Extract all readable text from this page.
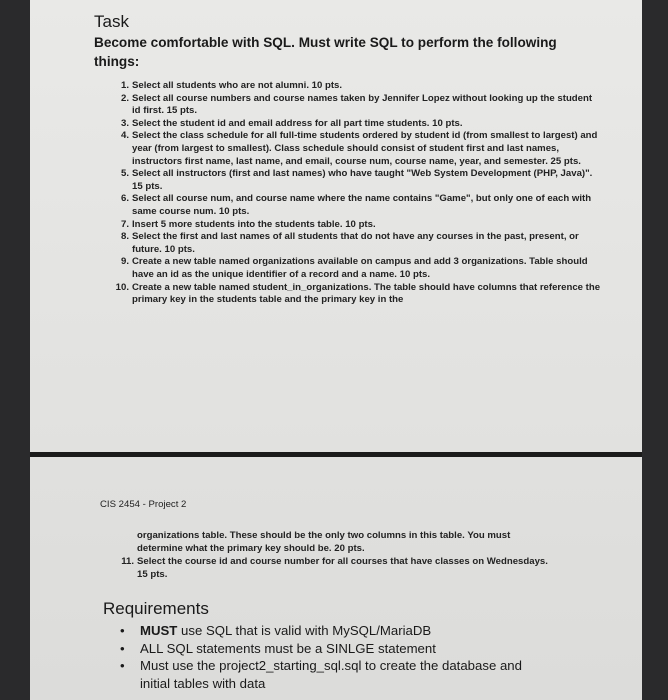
Task
Become comfortable with SQL. Must write SQL to perform the following things:
1. Select all students who are not alumni. 10 pts.
2. Select all course numbers and course names taken by Jennifer Lopez without looking up the student id first. 15 pts.
3. Select the student id and email address for all part time students. 10 pts.
4. Select the class schedule for all full-time students ordered by student id (from smallest to largest) and year (from largest to smallest). Class schedule should consist of student first and last names, instructors first name, last name, and email, course num, course name, year, and semester. 25 pts.
5. Select all instructors (first and last names) who have taught "Web System Development (PHP, Java)". 15 pts.
6. Select all course num, and course name where the name contains "Game", but only one of each with same course num. 10 pts.
7. Insert 5 more students into the students table. 10 pts.
8. Select the first and last names of all students that do not have any courses in the past, present, or future. 10 pts.
9. Create a new table named organizations available on campus and add 3 organizations. Table should have an id as the unique identifier of a record and a name. 10 pts.
10. Create a new table named student_in_organizations. The table should have columns that reference the primary key in the students table and the primary key in the
CIS 2454 - Project 2
organizations table. These should be the only two columns in this table. You must determine what the primary key should be. 20 pts.
11. Select the course id and course number for all courses that have classes on Wednesdays. 15 pts.
Requirements
• MUST use SQL that is valid with MySQL/MariaDB
• ALL SQL statements must be a SINLGE statement
• Must use the project2_starting_sql.sql to create the database and initial tables with data
